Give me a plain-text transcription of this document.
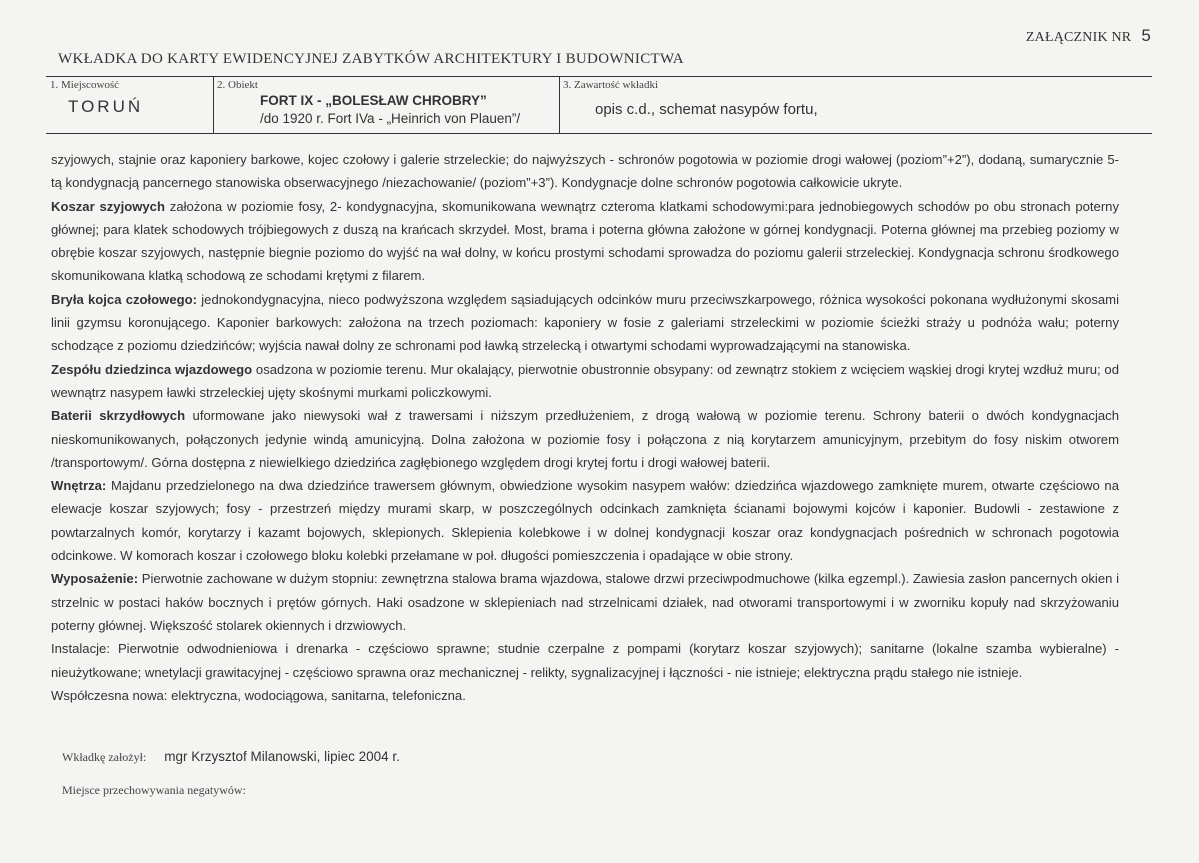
ZAŁĄCZNIK NR 5
WKŁADKA DO KARTY EWIDENCYJNEJ ZABYTKÓW ARCHITEKTURY I BUDOWNICTWA
1. Miejscowość
TORUŃ
2. Obiekt
FORT IX - „BOLESŁAW CHROBRY”
/do 1920 r. Fort IVa - „Heinrich von Plauen”/
3. Zawartość wkładki
opis c.d., schemat nasypów fortu,

szyjowych, stajnie oraz kaponiery barkowe, kojec czołowy i galerie strzeleckie; do najwyższych - schronów pogotowia w poziomie drogi wałowej (poziom”+2”), dodaną, sumarycznie 5-tą kondygnacją pancernego stanowiska obserwacyjnego /niezachowanie/ (poziom”+3”). Kondygnacje dolne schronów pogotowia całkowicie ukryte.

Koszar szyjowych założona w poziomie fosy, 2- kondygnacyjna, skomunikowana wewnątrz czteroma klatkami schodowymi:para jednobiegowych schodów po obu stronach poterny głównej; para klatek schodowych trójbiegowych z duszą na krańcach skrzydeł. Most, brama i poterna główna założone w górnej kondygnacji. Poterna głównej ma przebieg poziomy w obrębie koszar szyjowych, następnie biegnie poziomo do wyjść na wał dolny, w końcu prostymi schodami sprowadza do poziomu galerii strzeleckiej. Kondygnacja schronu środkowego skomunikowana klatką schodową ze schodami krętymi z filarem.

Bryła kojca czołowego: jednokondygnacyjna, nieco podwyższona względem sąsiadujących odcinków muru przeciwszkarpowego, różnica wysokości pokonana wydłużonymi skosami linii gzymsu koronującego. Kaponier barkowych: założona na trzech poziomach: kaponiery w fosie z galeriami strzeleckimi w poziomie ścieżki straży u podnóża wału; poterny schodzące z poziomu dziedzińców; wyjścia nawał dolny ze schronami pod ławką strzelecką i otwartymi schodami wyprowadzającymi na stanowiska.

Zespółu dziedzinca wjazdowego osadzona w poziomie terenu. Mur okalający, pierwotnie obustronnie obsypany: od zewnątrz stokiem z wcięciem wąskiej drogi krytej wzdłuż muru; od wewnątrz nasypem ławki strzeleckiej ujęty skośnymi murkami policzkowymi.

Baterii skrzydłowych uformowane jako niewysoki wał z trawersami i niższym przedłużeniem, z drogą wałową w poziomie terenu. Schrony baterii o dwóch kondygnacjach nieskomunikowanych, połączonych jedynie windą amunicyjną. Dolna założona w poziomie fosy i połączona z nią korytarzem amunicyjnym, przebitym do fosy niskim otworem /transportowym/. Górna dostępna z niewielkiego dziedzińca zagłębionego względem drogi krytej fortu i drogi wałowej baterii.

Wnętrza: Majdanu przedzielonego na dwa dziedzińce trawersem głównym, obwiedzione wysokim nasypem wałów: dziedzińca wjazdowego zamknięte murem, otwarte częściowo na elewacje koszar szyjowych; fosy - przestrzeń między murami skarp, w poszczególnych odcinkach zamknięta ścianami bojowymi kojców i kaponier. Budowli - zestawione z powtarzalnych komór, korytarzy i kazamt bojowych, sklepionych. Sklepienia kolebkowe i w dolnej kondygnacji koszar oraz kondygnacjach pośrednich w schronach pogotowia odcinkowe. W komorach koszar i czołowego bloku kolebki przełamane w poł. długości pomieszczenia i opadające w obie strony.

Wyposażenie: Pierwotnie zachowane w dużym stopniu: zewnętrzna stalowa brama wjazdowa, stalowe drzwi przeciwpodmuchowe (kilka egzempl.). Zawiesia zasłon pancernych okien i strzelnic w postaci haków bocznych i prętów górnych. Haki osadzone w sklepieniach nad strzelnicami działek, nad otworami transportowymi i w zworniku kopuły nad skrzyżowaniu poterny głównej. Większość stolarek okiennych i drzwiowych.

Instalacje: Pierwotnie odwodnieniowa i drenarka - częściowo sprawne; studnie czerpalne z pompami (korytarz koszar szyjowych); sanitarne (lokalne szamba wybieralne) - nieużytkowane; wnetylacji grawitacyjnej - częściowo sprawna oraz mechanicznej - relikty, sygnalizacyjnej i łączności - nie istnieje; elektryczna prądu stałego nie istnieje.

Współczesna nowa: elektryczna, wodociągowa, sanitarna, telefoniczna.

Wkładkę założył: mgr Krzysztof Milanowski, lipiec 2004 r.
Miejsce przechowywania negatywów:
